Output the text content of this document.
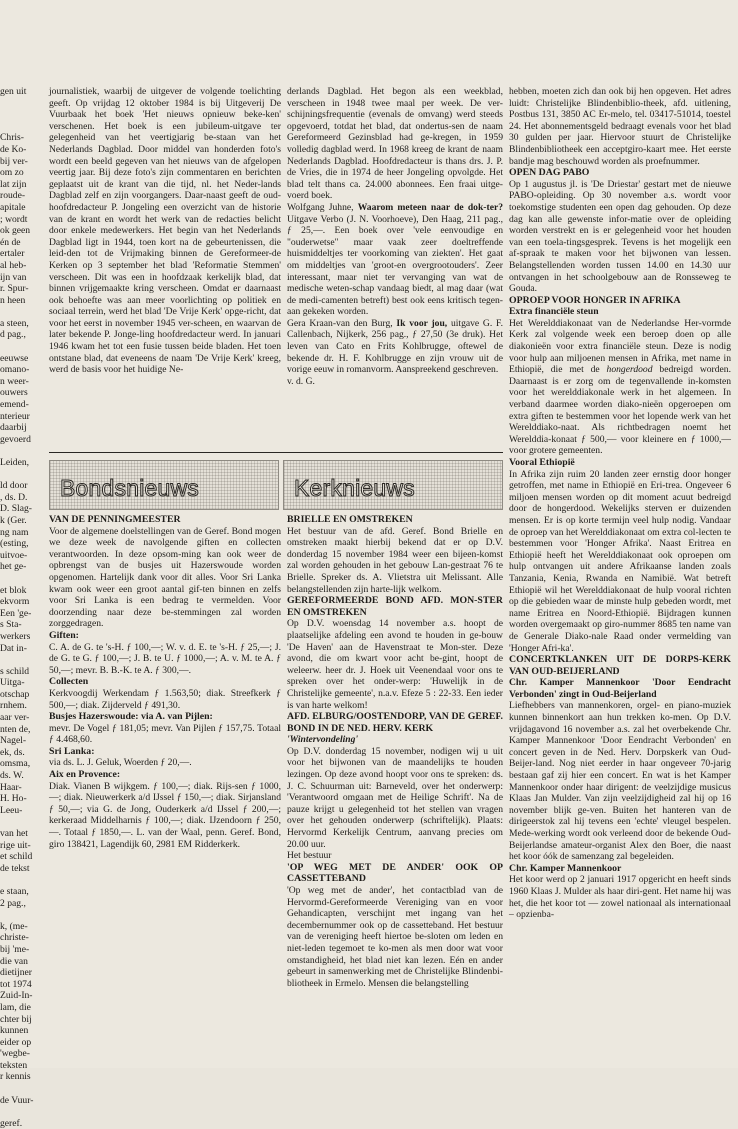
gen uit

Chris-
de Ko-
bij ver-
om zo
lat zijn
roude-
apitale
; wordt
ok geen
én de
ertaler
al heb-
ijn van
r. Spur-
n heen

a steen,
d pag.,

eeuwse
omano-
n weer-
ouwers
emend-
nterieur
daarbij
gevoerd

Leiden,

ld door
, ds. D.
D. Slag-
k (Ger.
ng nam
(esting,
uitvoe-
het ge-

et blok
ekvorm
Een 'ge-
s Sta-
werkers
Dat in-

s schild
Uitga-
otschap
rnhem.
aar ver-
nten de,
Nagel-
ek, ds.
omsma,
ds. W.
Haar-
H. Ho-
Leeu-

van het
rige uit-
et schild
de tekst

e staan,
2 pag.,

k, (me-
christe-
bij 'me-
die van
dietijner
tot 1974
Zuid-In-
lam, die
chter bij
kunnen
eider op
'wegbe-
teksten
r kennis

de Vuur-

geref.

journalistiek, waarbij de uitgever de volgende toelichting geeft. Op vrijdag 12 oktober 1984 is bij Uitgeverij De Vuurbaak het boek 'Het nieuws opnieuw beke-ken' verschenen. Het boek is een jubileum-uitgave ter gelegenheid van het veertigjarig be-staan van het Nederlands Dagblad. Door middel van honderden foto's wordt een beeld gegeven van het nieuws van de afgelopen veertig jaar. Bij deze foto's zijn commentaren en berichten geplaatst uit de krant van die tijd, nl. het Neder-lands Dagblad zelf en zijn voorgangers. Daar-naast geeft de oud-hoofdredacteur P. Jongeling een overzicht van de historie van de krant en wordt het werk van de redacties belicht door enkele medewerkers. Het begin van het Nederlands Dagblad ligt in 1944, toen kort na de gebeurtenissen, die leid-den tot de Vrijmaking binnen de Gereformeer-de Kerken op 3 september het blad 'Reformatie Stemmen' verscheen. Dit was een in hoofdzaak kerkelijk blad, dat binnen vrijgemaakte kring verscheen. Omdat er daarnaast ook behoefte was aan meer voorlichting op politiek en sociaal terrein, werd het blad 'De Vrije Kerk' opge-richt, dat voor het eerst in november 1945 ver-scheen, en waarvan de later bekende P. Jonge-ling hoofdredacteur werd. In januari 1946 kwam het tot een fusie tussen beide bladen. Het toen ontstane blad, dat eveneens de naam 'De Vrije Kerk' kreeg, werd de basis voor het huidige Ne-

derlands Dagblad. Het begon als een weekblad, verscheen in 1948 twee maal per week. De ver-schijningsfrequentie (evenals de omvang) werd steeds opgevoerd, totdat het blad, dat ondertus-sen de naam Gereformeerd Gezinsblad had ge-kregen, in 1959 volledig dagblad werd. In 1968 kreeg de krant de naam Nederlands Dagblad. Hoofdredacteur is thans drs. J. P. de Vries, die in 1974 de heer Jongeling opvolgde. Het blad telt thans ca. 24.000 abonnees. Een fraai uitge-voerd boek.

Wolfgang Juhne, Waarom meteen naar de dok-ter? Uitgave Verbo (J. N. Voorhoeve), Den Haag, 211 pag., ƒ 25,—. Een boek over 'vele eenvoudige en "ouderwetse" maar vaak zeer doeltreffende huismiddeltjes ter voorkoming van ziekten'. Het gaat om middeltjes van 'groot-en overgrootouders'. Zeer interessant, maar niet ter vervanging van wat de medische weten-schap vandaag biedt, al mag daar (wat de medi-camenten betreft) best ook eens kritisch tegen-aan gekeken worden.

Gera Kraan-van den Burg, Ik voor jou, uitgave G. F. Callenbach, Nijkerk, 256 pag., ƒ 27,50 (3e druk). Het leven van Cato en Frits Kohlbrugge, oftewel de bekende dr. H. F. Kohlbrugge en zijn vrouw uit de vorige eeuw in romanvorm. Aanspreekend geschreven.

v. d. G.

Bondsnieuws	Kerknieuws

VAN DE PENNINGMEESTER

Voor de algemene doelstellingen van de Geref. Bond mogen we deze week de navolgende giften en collecten verantwoorden. In deze opsom-ming kan ook weer de opbrengst van de busjes uit Hazerswoude worden opgenomen. Hartelijk dank voor dit alles. Voor Sri Lanka kwam ook weer een groot aantal gif-ten binnen en zelfs voor Sri Lanka is een bedrag te vermelden. Voor doorzending naar deze be-stemmingen zal worden zorggedragen.

Giften:

C. A. de G. te 's-H. ƒ 100,—; W. v. d. E. te 's-H. ƒ 25,—; J. de G. te G. ƒ 100,—; J. B. te U. ƒ 1000,—; A. v. M. te A. ƒ 50,—; mevr. B. B.-K. te A. ƒ 300,—.

Collecten

Kerkvoogdij Werkendam ƒ 1.563,50; diak. Streefkerk ƒ 500,—; diak. Zijderveld ƒ 491,30.

Busjes Hazerswoude: via A. van Pijlen:

mevr. De Vogel ƒ 181,05; mevr. Van Pijlen ƒ 157,75. Totaal ƒ 4.468,60.

Sri Lanka:

via ds. L. J. Geluk, Woerden ƒ 20,—.

Aix en Provence:

Diak. Vianen B wijkgem. ƒ 100,—; diak. Rijs-sen ƒ 1000,—; diak. Nieuwerkerk a/d IJssel ƒ 150,—; diak. Sirjansland ƒ 50,—; via G. de Jong, Ouderkerk a/d IJssel ƒ 200,—; kerkeraad Middelharnis ƒ 100,—; diak. IJzendoorn ƒ 250,—. Totaal ƒ 1850,—. L. van der Waal, penn. Geref. Bond, giro 138421, Lagendijk 60, 2981 EM Ridderkerk.

BRIELLE EN OMSTREKEN

Het bestuur van de afd. Geref. Bond Brielle en omstreken maakt hierbij bekend dat er op D.V. donderdag 15 november 1984 weer een bijeen-komst zal worden gehouden in het gebouw Lan-gestraat 76 te Brielle. Spreker ds. A. Vlietstra uit Melissant. Alle belangstellenden zijn harte-lijk welkom.

GEREFORMEERDE BOND AFD. MON-STER EN OMSTREKEN

Op D.V. woensdag 14 november a.s. hoopt de plaatselijke afdeling een avond te houden in ge-bouw 'De Haven' aan de Havenstraat te Mon-ster. Deze avond, die om kwart voor acht be-gint, hoopt de weleerw. heer dr. J. Hoek uit Veenendaal voor ons te spreken over het onder-werp: 'Huwelijk in de Christelijke gemeente', n.a.v. Efeze 5 : 22-33. Een ieder is van harte welkom!

AFD. ELBURG/OOSTENDORP, VAN DE GEREF. BOND IN DE NED. HERV. KERK

'Wintervondeling'

Op D.V. donderdag 15 november, nodigen wij u uit voor het bijwonen van de maandelijks te houden lezingen. Op deze avond hoopt voor ons te spreken: ds. J. C. Schuurman uit: Barneveld, over het onderwerp: 'Verantwoord omgaan met de Heilige Schrift'. Na de pauze krijgt u gelegenheid tot het stellen van vragen over het gehouden onderwerp (schriftelijk). Plaats: Hervormd Kerkelijk Centrum, aanvang precies om 20.00 uur.

Het bestuur

'OP WEG MET DE ANDER' OOK OP CASSETTEBAND

'Op weg met de ander', het contactblad van de Hervormd-Gereformeerde Vereniging van en voor Gehandicapten, verschijnt met ingang van het decembernummer ook op de cassetteband. Het bestuur van de vereniging heeft hiertoe be-sloten om leden en niet-leden tegemoet te ko-men als men door wat voor omstandigheid, het blad niet kan lezen. Eén en ander gebeurt in samenwerking met de Christelijke Blindenbi-bliotheek in Ermelo. Mensen die belangstelling

hebben, moeten zich dan ook bij hen opgeven. Het adres luidt: Christelijke Blindenbiblio-theek, afd. uitlening, Postbus 131, 3850 AC Er-melo, tel. 03417-51014, toestel 24. Het abonnementsgeld bedraagt evenals voor het blad 30 gulden per jaar. Hiervoor stuurt de Christelijke Blindenbibliotheek een acceptgiro-kaart mee. Het eerste bandje mag beschouwd worden als proefnummer.

OPEN DAG PABO

Op 1 augustus jl. is 'De Driestar' gestart met de nieuwe PABO-opleiding. Op 30 november a.s. wordt voor toekomstige studenten een open dag gehouden. Op deze dag kan alle gewenste infor-matie over de opleiding worden verstrekt en is er gelegenheid voor het houden van een toela-tingsgesprek. Tevens is het mogelijk een af-spraak te maken voor het bijwonen van lessen. Belangstellenden worden tussen 14.00 en 14.30 uur ontvangen in het schoolgebouw aan de Ronsseweg te Gouda.

OPROEP VOOR HONGER IN AFRIKA

Extra financiële steun

Het Werelddiakonaat van de Nederlandse Her-vormde Kerk zal volgende week een beroep doen op alle diakonieën voor extra financiële steun. Deze is nodig voor hulp aan miljoenen mensen in Afrika, met name in Ethiopië, die met de hongerdood bedreigd worden. Daarnaast is er zorg om de tegenvallende in-komsten voor het werelddiakonale werk in het algemeen. In verband daarmee worden diako-nieën opgeroepen om extra giften te bestemmen voor het lopende werk van het Werelddiako-naat. Als richtbedragen noemt het Werelddia-konaat ƒ 500,— voor kleinere en ƒ 1000,— voor grotere gemeenten.

Vooral Ethiopië

In Afrika zijn ruim 20 landen zeer ernstig door honger getroffen, met name in Ethiopië en Eri-trea. Ongeveer 6 miljoen mensen worden op dit moment acuut bedreigd door de hongerdood. Wekelijks sterven er duizenden mensen. Er is op korte termijn veel hulp nodig. Vandaar de oproep van het Werelddiakonaat om extra col-lecten te bestemmen voor 'Honger Afrika'. Naast Eritrea en Ethiopië heeft het Werelddiakonaat ook oproepen om hulp ontvangen uit andere Afrikaanse landen zoals Tanzania, Kenia, Rwanda en Namibië. Wat betreft Ethiopië wil het Werelddiakonaat de hulp vooral richten op die gebieden waar de minste hulp gebeden wordt, met name Eritrea en Noord-Ethiopië. Bijdragen kunnen worden overgemaakt op giro-nummer 8685 ten name van de Generale Diako-nale Raad onder vermelding van 'Honger Afri-ka'.

CONCERTKLANKEN UIT DE DORPS-KERK VAN OUD-BEIJERLAND

Chr. Kamper Mannenkoor 'Door Eendracht Verbonden' zingt in Oud-Beijerland

Liefhebbers van mannenkoren, orgel- en piano-muziek kunnen binnenkort aan hun trekken ko-men. Op D.V. vrijdagavond 16 november a.s. zal het overbekende Chr. Kamper Mannenkoor 'Door Eendracht Verbonden' en concert geven in de Ned. Herv. Dorpskerk van Oud-Beijer-land. Nog niet eerder in haar ongeveer 70-jarig bestaan gaf zij hier een concert. En wat is het Kamper Mannenkoor onder haar dirigent: de veelzijdige musicus Klaas Jan Mulder. Van zijn veelzijdigheid zal hij op 16 november blijk ge-ven. Buiten het hanteren van de dirigeerstok zal hij tevens een 'echte' vleugel bespelen. Mede-werking wordt ook verleend door de bekende Oud-Beijerlandse amateur-organist Alex den Boer, die naast het koor óók de samenzang zal begeleiden.

Chr. Kamper Mannenkoor

Het koor werd op 2 januari 1917 opgericht en heeft sinds 1960 Klaas J. Mulder als haar diri-gent. Het name hij was het, die het koor tot — zowel nationaal als internationaal – opzienba-
